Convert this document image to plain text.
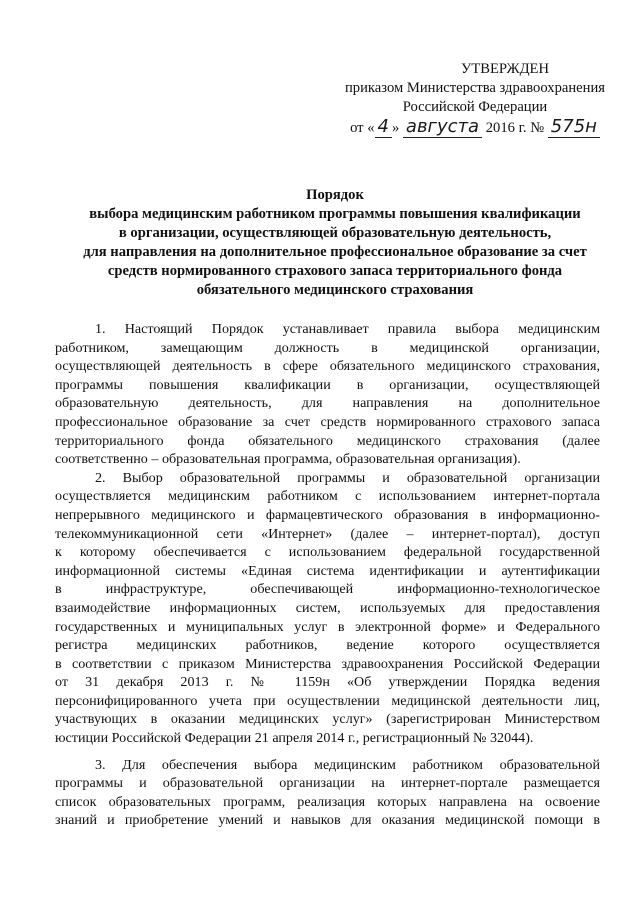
УТВЕРЖДЕН
приказом Министерства здравоохранения
Российской Федерации
от « 4 » августа 2016 г. № 575н
Порядок
выбора медицинским работником программы повышения квалификации
в организации, осуществляющей образовательную деятельность,
для направления на дополнительное профессиональное образование за счет
средств нормированного страхового запаса территориального фонда
обязательного медицинского страхования

1. Настоящий Порядок устанавливает правила выбора медицинским
работником, замещающим должность в медицинской организации,
осуществляющей деятельность в сфере обязательного медицинского страхования,
программы повышения квалификации в организации, осуществляющей
образовательную деятельность, для направления на дополнительное
профессиональное образование за счет средств нормированного страхового запаса
территориального фонда обязательного медицинского страхования (далее
соответственно – образовательная программа, образовательная организация).

2. Выбор образовательной программы и образовательной организации
осуществляется медицинским работником с использованием интернет-портала
непрерывного медицинского и фармацевтического образования в информационно-
телекоммуникационной сети «Интернет» (далее – интернет-портал), доступ
к которому обеспечивается с использованием федеральной государственной
информационной системы «Единая система идентификации и аутентификации
в инфраструктуре, обеспечивающей информационно-технологическое
взаимодействие информационных систем, используемых для предоставления
государственных и муниципальных услуг в электронной форме» и Федерального
регистра медицинских работников, ведение которого осуществляется
в соответствии с приказом Министерства здравоохранения Российской Федерации
от 31 декабря 2013 г. № 1159н «Об утверждении Порядка ведения
персонифицированного учета при осуществлении медицинской деятельности лиц,
участвующих в оказании медицинских услуг» (зарегистрирован Министерством
юстиции Российской Федерации 21 апреля 2014 г., регистрационный № 32044).

3. Для обеспечения выбора медицинским работником образовательной
программы и образовательной организации на интернет-портале размещается
список образовательных программ, реализация которых направлена на освоение
знаний и приобретение умений и навыков для оказания медицинской помощи в
